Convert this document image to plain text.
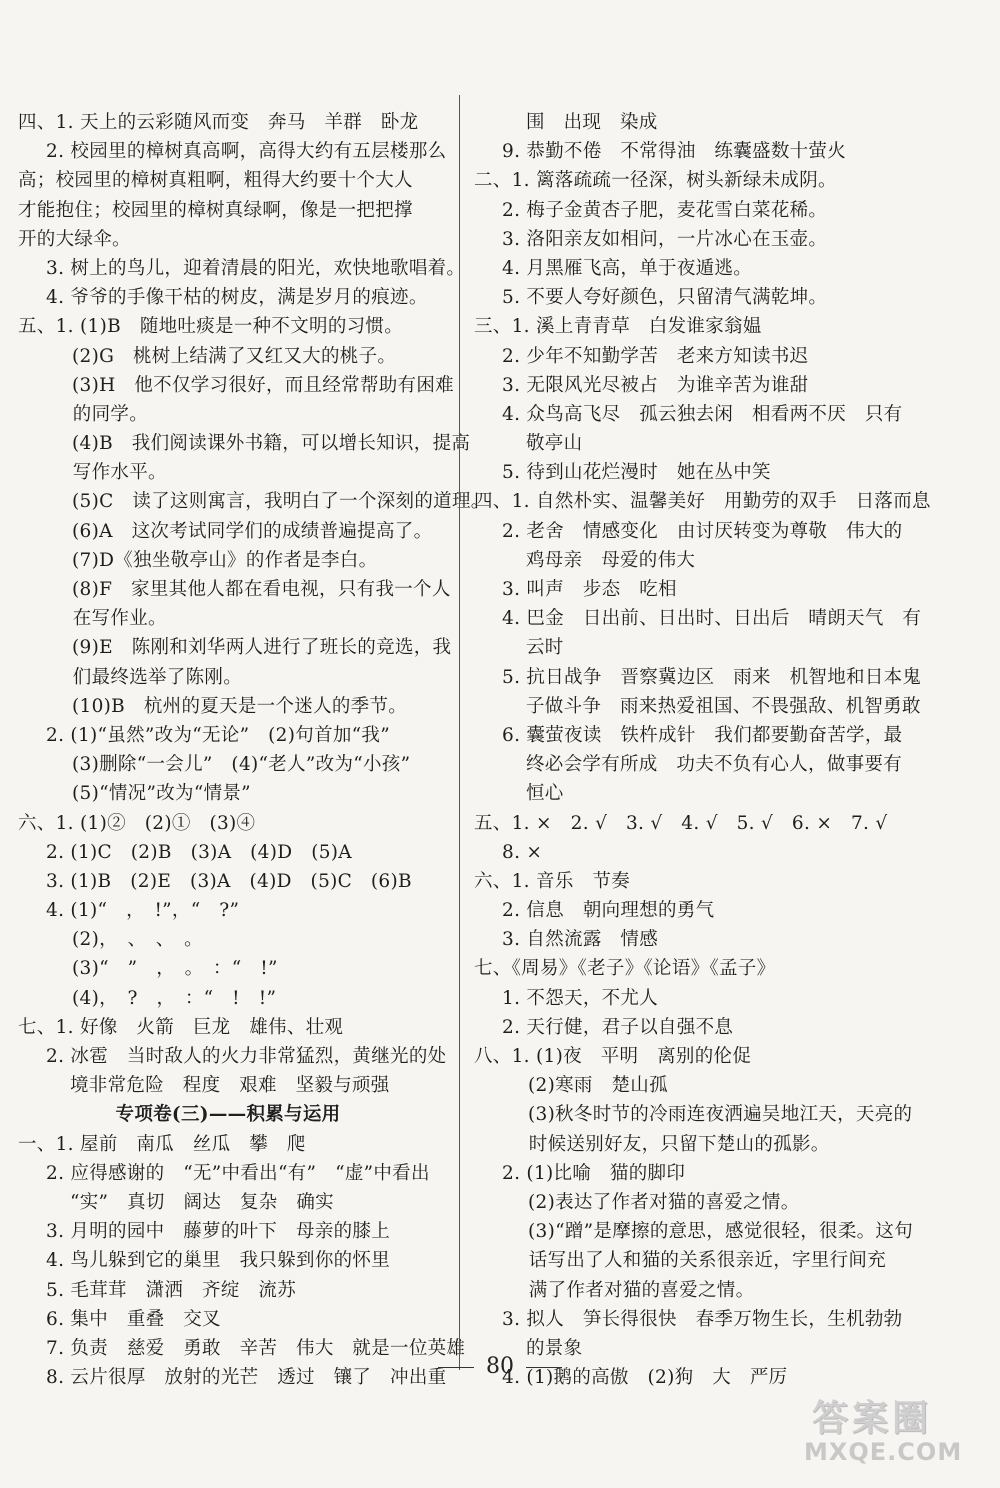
四、1. 天上的云彩随风而变　奔马　羊群　卧龙
2. 校园里的樟树真高啊，高得大约有五层楼那么
高；校园里的樟树真粗啊，粗得大约要十个大人
才能抱住；校园里的樟树真绿啊，像是一把把撑
开的大绿伞。
3. 树上的鸟儿，迎着清晨的阳光，欢快地歌唱着。
4. 爷爷的手像干枯的树皮，满是岁月的痕迹。
五、1. (1)B　随地吐痰是一种不文明的习惯。
(2)G　桃树上结满了又红又大的桃子。
(3)H　他不仅学习很好，而且经常帮助有困难
　的同学。
(4)B　我们阅读课外书籍，可以增长知识，提高
　写作水平。
(5)C　读了这则寓言，我明白了一个深刻的道理。
(6)A　这次考试同学们的成绩普遍提高了。
(7)D《独坐敬亭山》的作者是李白。
(8)F　家里其他人都在看电视，只有我一个人
　在写作业。
(9)E　陈刚和刘华两人进行了班长的竞选，我
　们最终选举了陈刚。
(10)B　杭州的夏天是一个迷人的季节。
2. (1)“虽然”改为“无论”　(2)句首加“我”
(3)删除“一会儿”　(4)“老人”改为“小孩”
(5)“情况”改为“情景”
六、1. (1)②　(2)①　(3)④
2. (1)C　(2)B　(3)A　(4)D　(5)A
3. (1)B　(2)E　(3)A　(4)D　(5)C　(6)B
4. (1)“　，　!”，“　?”
(2)，　、　、　。
(3)“　”　，　。　：“　!”
(4)，　?　，　：“　!　!”
七、1. 好像　火箭　巨龙　雄伟、壮观
2. 冰雹　当时敌人的火力非常猛烈，黄继光的处
境非常危险　程度　艰难　坚毅与顽强
专项卷(三)——积累与运用
一、1. 屋前　南瓜　丝瓜　攀　爬
2. 应得感谢的　“无”中看出“有”　“虚”中看出
“实”　真切　阔达　复杂　确实
3. 月明的园中　藤萝的叶下　母亲的膝上
4. 鸟儿躲到它的巢里　我只躲到你的怀里
5. 毛茸茸　潇洒　齐绽　流苏
6. 集中　重叠　交叉
7. 负责　慈爱　勇敢　辛苦　伟大　就是一位英雄
8. 云片很厚　放射的光芒　透过　镶了　冲出重
围　出现　染成
9. 恭勤不倦　不常得油　练囊盛数十萤火
二、1. 篱落疏疏一径深，树头新绿未成阴。
2. 梅子金黄杏子肥，麦花雪白菜花稀。
3. 洛阳亲友如相问，一片冰心在玉壶。
4. 月黑雁飞高，单于夜遁逃。
5. 不要人夸好颜色，只留清气满乾坤。
三、1. 溪上青青草　白发谁家翁媪
2. 少年不知勤学苦　老来方知读书迟
3. 无限风光尽被占　为谁辛苦为谁甜
4. 众鸟高飞尽　孤云独去闲　相看两不厌　只有
敬亭山
5. 待到山花烂漫时　她在丛中笑
四、1. 自然朴实、温馨美好　用勤劳的双手　日落而息
2. 老舍　情感变化　由讨厌转变为尊敬　伟大的
鸡母亲　母爱的伟大
3. 叫声　步态　吃相
4. 巴金　日出前、日出时、日出后　晴朗天气　有
云时
5. 抗日战争　晋察冀边区　雨来　机智地和日本鬼
子做斗争　雨来热爱祖国、不畏强敌、机智勇敢
6. 囊萤夜读　铁杵成针　我们都要勤奋苦学，最
终必会学有所成　功夫不负有心人，做事要有
恒心
五、1. ×　2. √　3. √　4. √　5. √　6. ×　7. √
8. ×
六、1. 音乐　节奏
2. 信息　朝向理想的勇气
3. 自然流露　情感
七、《周易》《老子》《论语》《孟子》
1. 不怨天，不尤人
2. 天行健，君子以自强不息
八、1. (1)夜　平明　离别的伦促
(2)寒雨　楚山孤
(3)秋冬时节的冷雨连夜洒遍吴地江天，天亮的
　时候送别好友，只留下楚山的孤影。
2. (1)比喻　猫的脚印
(2)表达了作者对猫的喜爱之情。
(3)“蹭”是摩擦的意思，感觉很轻，很柔。这句
　话写出了人和猫的关系很亲近，字里行间充
　满了作者对猫的喜爱之情。
3. 拟人　笋长得很快　春季万物生长，生机勃勃
的景象
4. (1)鹅的高傲　(2)狗　大　严厉
80
答案圈
MXQE.COM
